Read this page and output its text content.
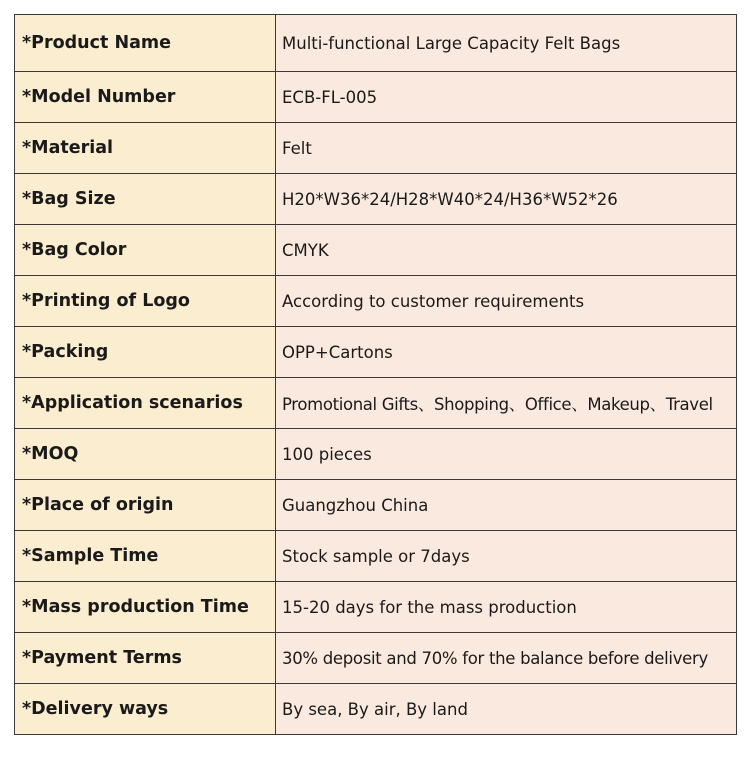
*Product Name	Multi-functional Large Capacity Felt Bags
*Model Number	ECB-FL-005
*Material	Felt
*Bag Size	H20*W36*24/H28*W40*24/H36*W52*26
*Bag Color	CMYK
*Printing of Logo	According to customer requirements
*Packing	OPP+Cartons
*Application scenarios	Promotional Gifts、Shopping、Office、Makeup、Travel
*MOQ	100 pieces
*Place of origin	Guangzhou China
*Sample Time	Stock sample or 7days
*Mass production Time	15-20 days for the mass production
*Payment Terms	30% deposit and 70% for the balance before delivery
*Delivery ways	By sea, By air, By land
